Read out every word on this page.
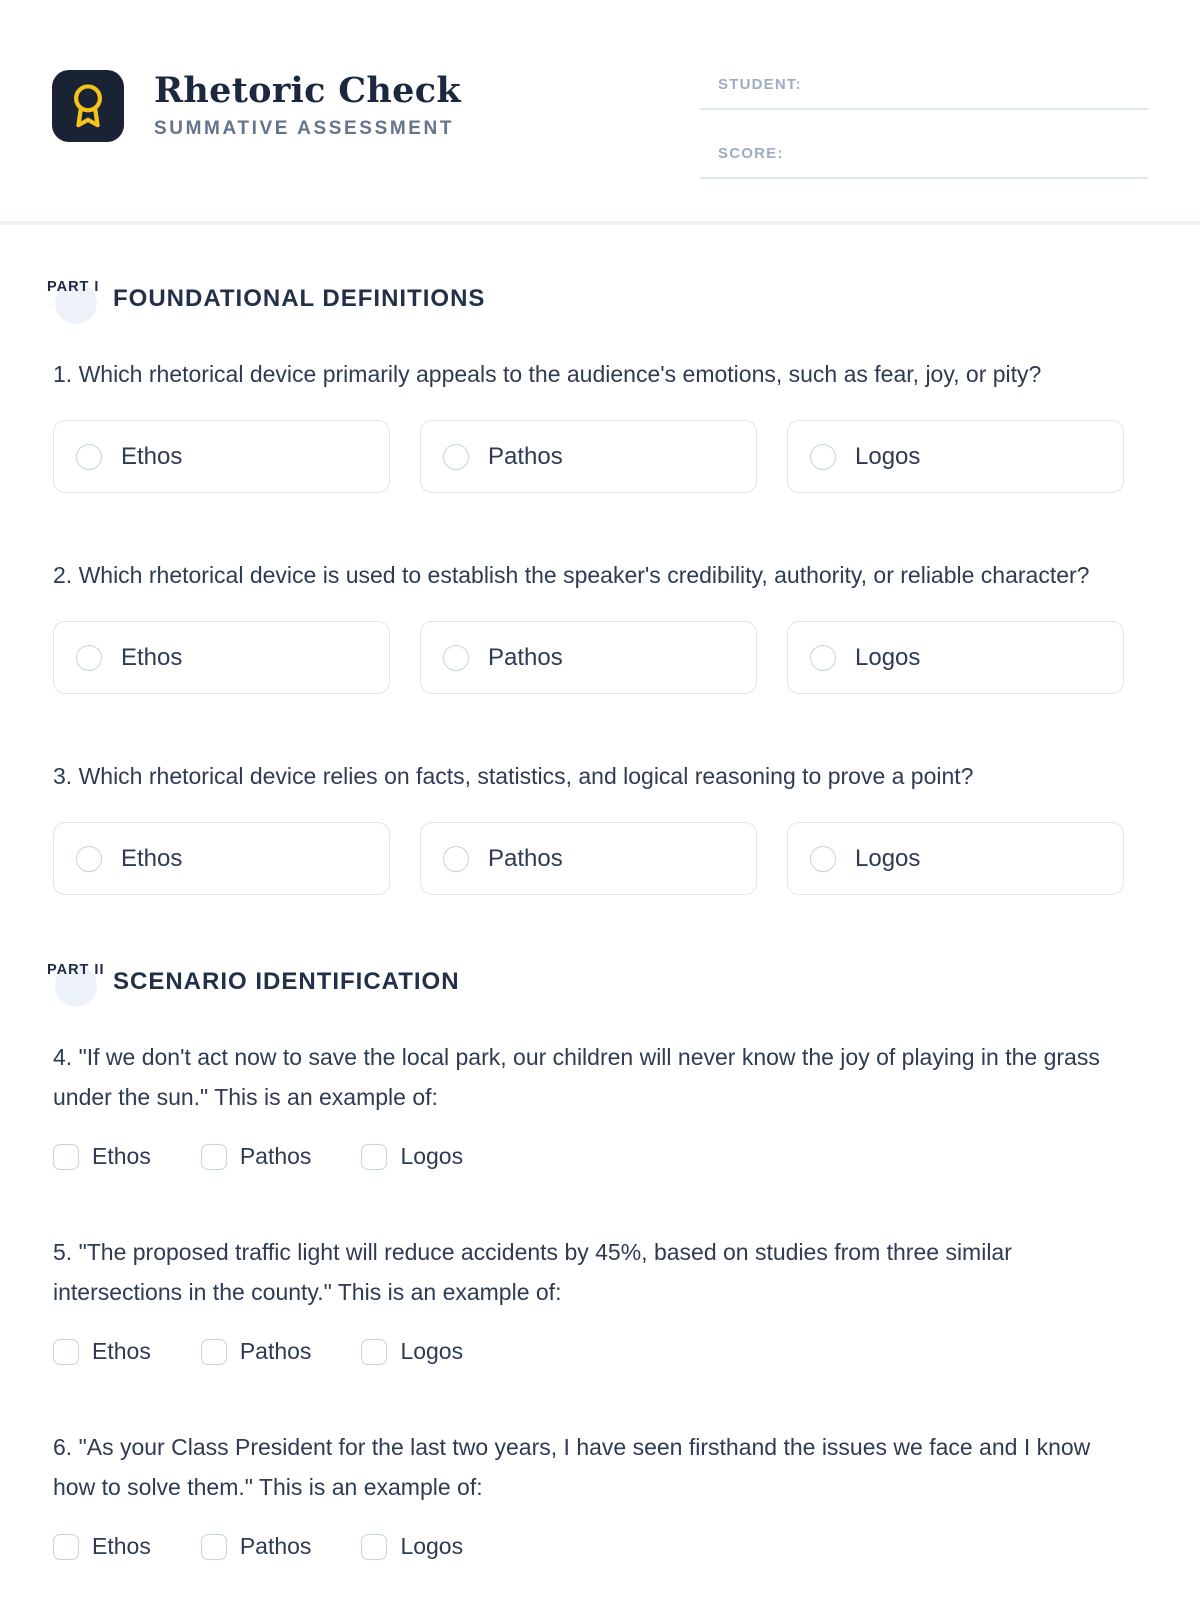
Rhetoric Check
SUMMATIVE ASSESSMENT
STUDENT:
SCORE:
PART I FOUNDATIONAL DEFINITIONS

1. Which rhetorical device primarily appeals to the audience's emotions, such as fear, joy, or pity?

Ethos	Pathos	Logos

2. Which rhetorical device is used to establish the speaker's credibility, authority, or reliable character?

Ethos	Pathos	Logos

3. Which rhetorical device relies on facts, statistics, and logical reasoning to prove a point?

Ethos	Pathos	Logos
PART II SCENARIO IDENTIFICATION

4. "If we don't act now to save the local park, our children will never know the joy of playing in the grass under the sun." This is an example of:

Ethos	Pathos	Logos

5. "The proposed traffic light will reduce accidents by 45%, based on studies from three similar intersections in the county." This is an example of:

Ethos	Pathos	Logos

6. "As your Class President for the last two years, I have seen firsthand the issues we face and I know how to solve them." This is an example of:

Ethos	Pathos	Logos
